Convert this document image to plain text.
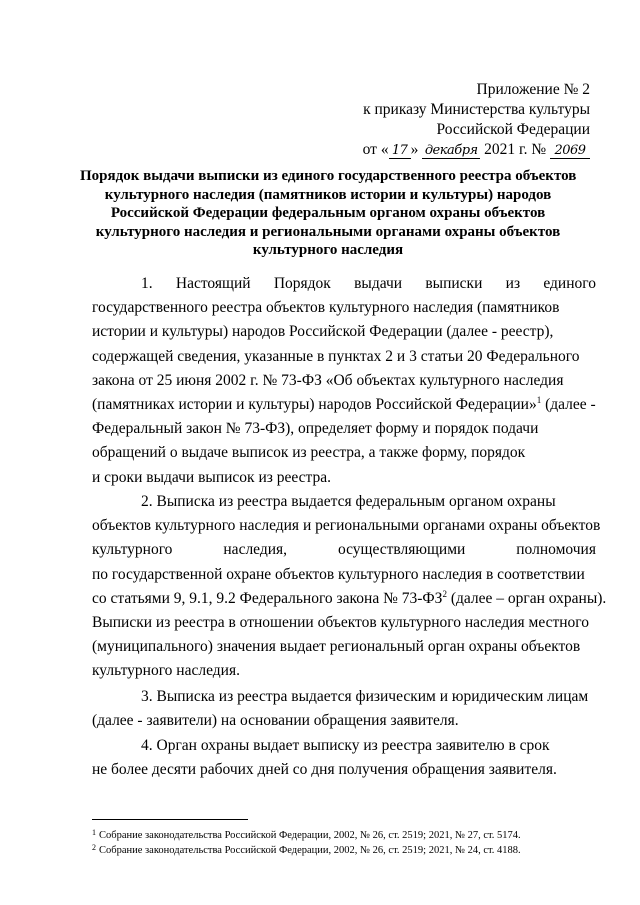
Приложение № 2
к приказу Министерства культуры
Российской Федерации
от « 17 » декабря 2021 г. № 2069
Порядок выдачи выписки из единого государственного реестра объектов
культурного наследия (памятников истории и культуры) народов
Российской Федерации федеральным органом охраны объектов
культурного наследия и региональными органами охраны объектов
культурного наследия
1. Настоящий Порядок выдачи выписки из единого
государственного реестра объектов культурного наследия (памятников
истории и культуры) народов Российской Федерации (далее - реестр),
содержащей сведения, указанные в пунктах 2 и 3 статьи 20 Федерального
закона от 25 июня 2002 г. № 73-ФЗ «Об объектах культурного наследия
(памятниках истории и культуры) народов Российской Федерации»$^1$ (далее -
Федеральный закон № 73-ФЗ), определяет форму и порядок подачи
обращений о выдаче выписок из реестра, а также форму, порядок
и сроки выдачи выписок из реестра.
2. Выписка из реестра выдается федеральным органом охраны
объектов культурного наследия и региональными органами охраны объектов
культурного	наследия,	осуществляющими	полномочия
по государственной охране объектов культурного наследия в соответствии
со статьями 9, 9.1, 9.2 Федерального закона № $73-ФЗ^2$ (далее – орган охраны).
Выписки из реестра в отношении объектов культурного наследия местного
(муниципального) значения выдает региональный орган охраны объектов
культурного наследия.
3. Выписка из реестра выдается физическим и юридическим лицам
(далее - заявители) на основании обращения заявителя.
4. Орган охраны выдает выписку из реестра заявителю в срок
не более десяти рабочих дней со дня получения обращения заявителя.
$^1$ Собрание законодательства Российской Федерации, 2002, № 26, ст. 2519; 2021, № 27, ст. 5174.
$^2$ Собрание законодательства Российской Федерации, 2002, № 26, ст. 2519; 2021, № 24, ст. 4188.
